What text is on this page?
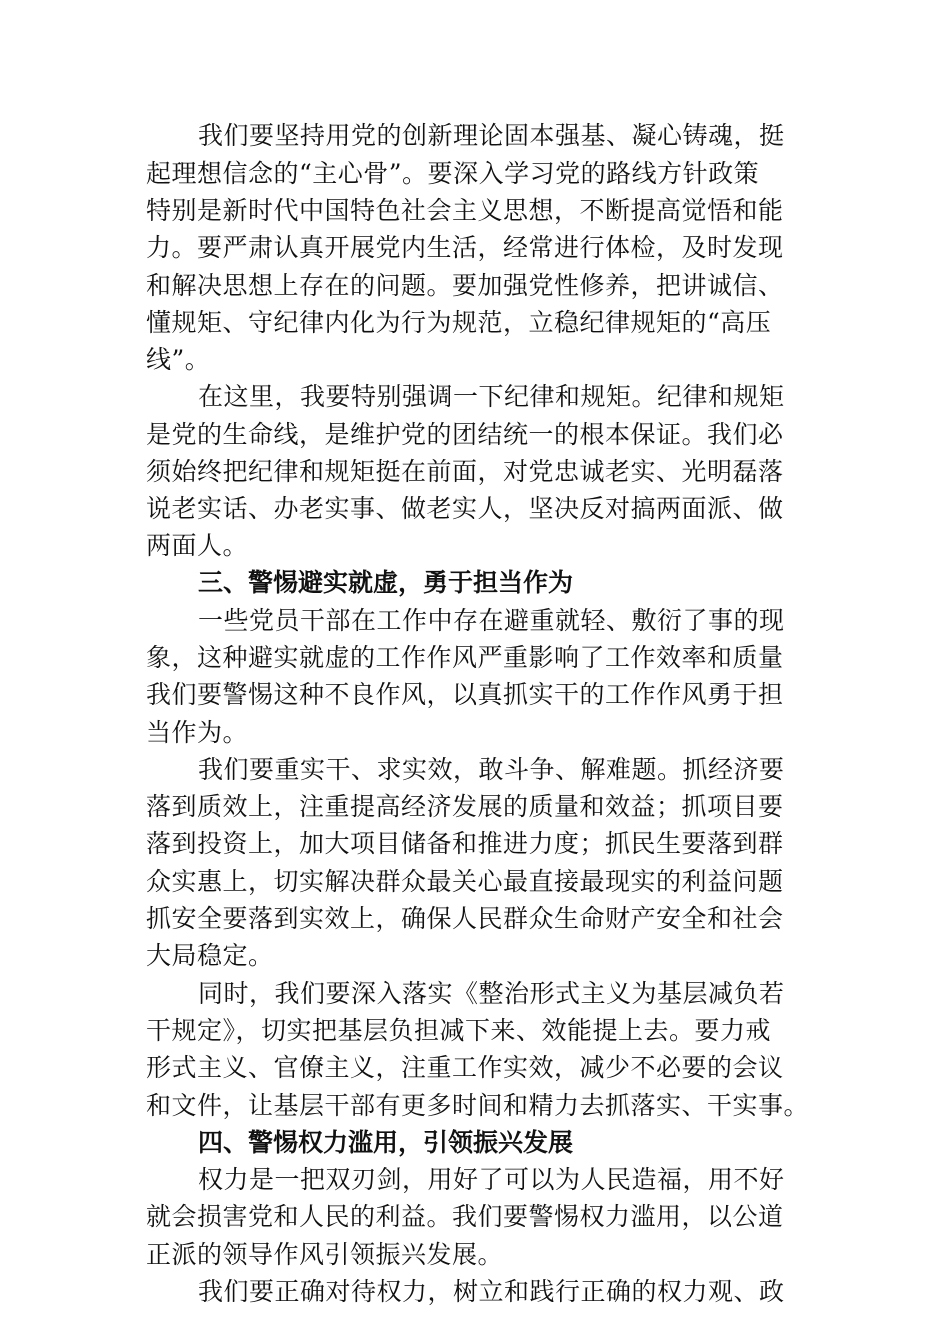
我们要坚持用党的创新理论固本强基、凝心铸魂，挺
起理想信念的“主心骨”。要深入学习党的路线方针政策
特别是新时代中国特色社会主义思想，不断提高觉悟和能
力。要严肃认真开展党内生活，经常进行体检，及时发现
和解决思想上存在的问题。要加强党性修养，把讲诚信、
懂规矩、守纪律内化为行为规范，立稳纪律规矩的“高压
线”。
在这里，我要特别强调一下纪律和规矩。纪律和规矩
是党的生命线，是维护党的团结统一的根本保证。我们必
须始终把纪律和规矩挺在前面，对党忠诚老实、光明磊落
说老实话、办老实事、做老实人，坚决反对搞两面派、做
两面人。
三、警惕避实就虚，勇于担当作为
一些党员干部在工作中存在避重就轻、敷衍了事的现
象，这种避实就虚的工作作风严重影响了工作效率和质量
我们要警惕这种不良作风，以真抓实干的工作作风勇于担
当作为。
我们要重实干、求实效，敢斗争、解难题。抓经济要
落到质效上，注重提高经济发展的质量和效益；抓项目要
落到投资上，加大项目储备和推进力度；抓民生要落到群
众实惠上，切实解决群众最关心最直接最现实的利益问题
抓安全要落到实效上，确保人民群众生命财产安全和社会
大局稳定。
同时，我们要深入落实《整治形式主义为基层减负若
干规定》，切实把基层负担减下来、效能提上去。要力戒
形式主义、官僚主义，注重工作实效，减少不必要的会议
和文件，让基层干部有更多时间和精力去抓落实、干实事。
四、警惕权力滥用，引领振兴发展
权力是一把双刃剑，用好了可以为人民造福，用不好
就会损害党和人民的利益。我们要警惕权力滥用，以公道
正派的领导作风引领振兴发展。
我们要正确对待权力，树立和践行正确的权力观、政
